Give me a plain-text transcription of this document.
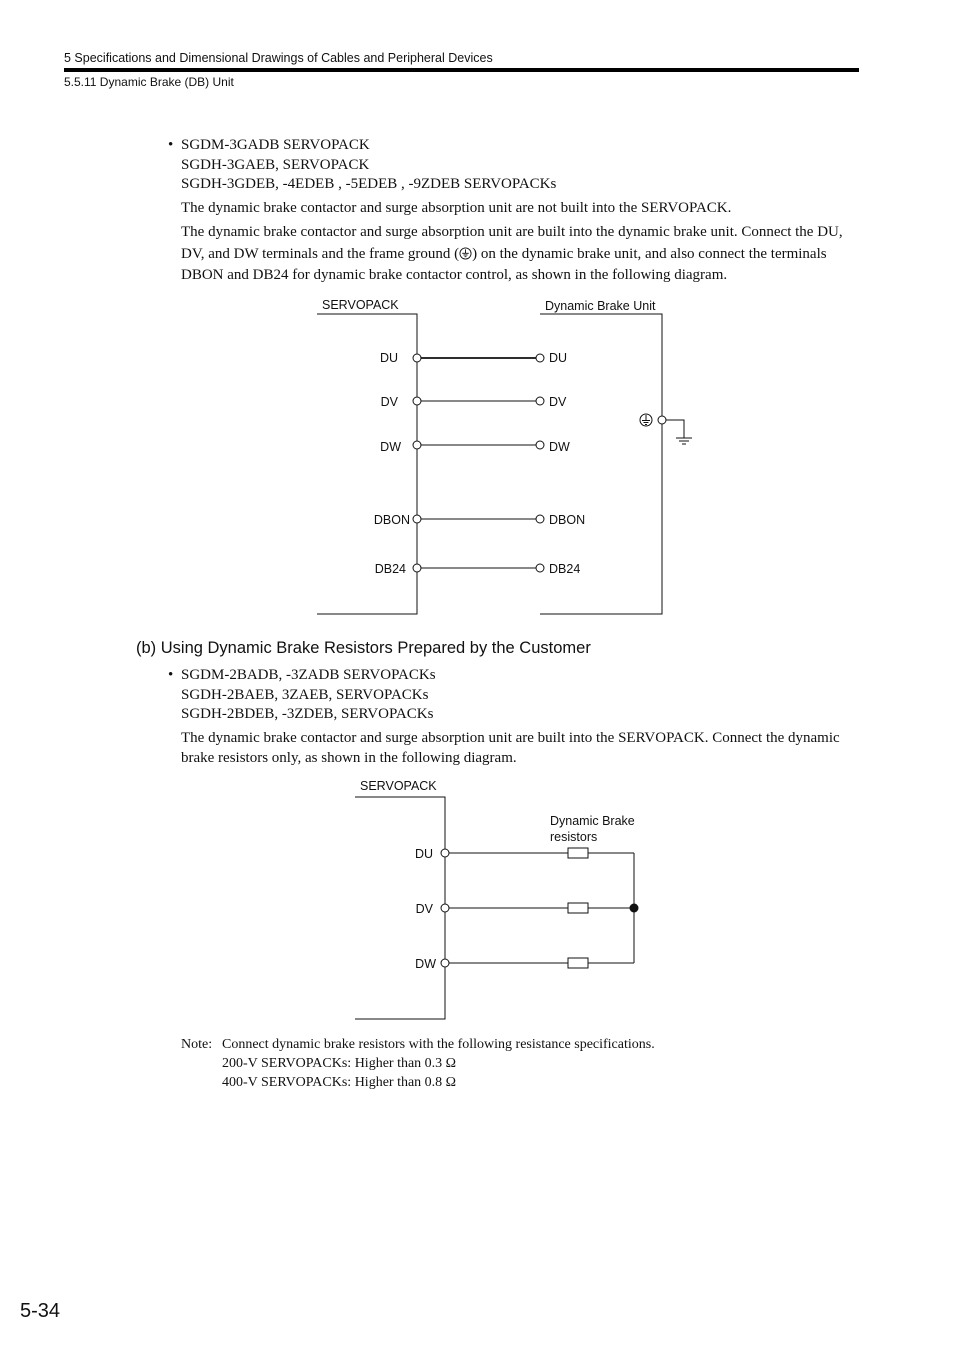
5 Specifications and Dimensional Drawings of Cables and Peripheral Devices
5.5.11 Dynamic Brake (DB) Unit
• SGDM-3GADB SERVOPACK
SGDH-3GAEB, SERVOPACK
SGDH-3GDEB, -4EDEB , -5EDEB , -9ZDEB SERVOPACKs
The dynamic brake contactor and surge absorption unit are not built into the SERVOPACK.
The dynamic brake contactor and surge absorption unit are built into the dynamic brake unit. Connect the DU, DV, and DW terminals and the frame ground ( ) on the dynamic brake unit, and also connect the terminals DBON and DB24 for dynamic brake contactor control, as shown in the following diagram.
SERVOPACK	Dynamic Brake Unit
DU
DV
DW
DBON
DB24
DU
DV
DW
DBON
DB24
(b) Using Dynamic Brake Resistors Prepared by the Customer
• SGDM-2BADB, -3ZADB SERVOPACKs
SGDH-2BAEB, 3ZAEB, SERVOPACKs
SGDH-2BDEB, -3ZDEB, SERVOPACKs
The dynamic brake contactor and surge absorption unit are built into the SERVOPACK. Connect the dynamic brake resistors only, as shown in the following diagram.
SERVOPACK
Dynamic Brake
resistors
DU
DV
DW
Note: Connect dynamic brake resistors with the following resistance specifications.
200-V SERVOPACKs: Higher than 0.3 Ω
400-V SERVOPACKs: Higher than 0.8 Ω
5-34
